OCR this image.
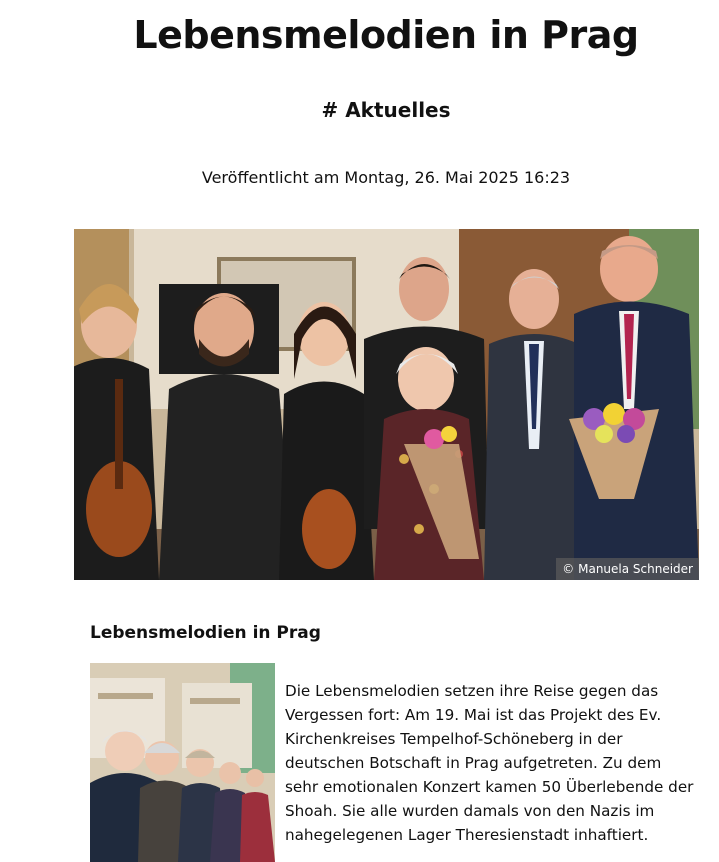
Lebensmelodien in Prag
# Aktuelles

Veröffentlicht am Montag, 26. Mai 2025 16:23

© Manuela Schneider
Lebensmelodien in Prag

Die Lebensmelodien setzen ihre Reise gegen das Vergessen fort: Am 19. Mai ist das Projekt des Ev. Kirchenkreises Tempelhof-Schöneberg in der deutschen Botschaft in Prag aufgetreten. Zu dem sehr emotionalen Konzert kamen 50 Überlebende der Shoah. Sie alle wurden damals von den Nazis im nahegelegenen Lager Theresienstadt inhaftiert.
